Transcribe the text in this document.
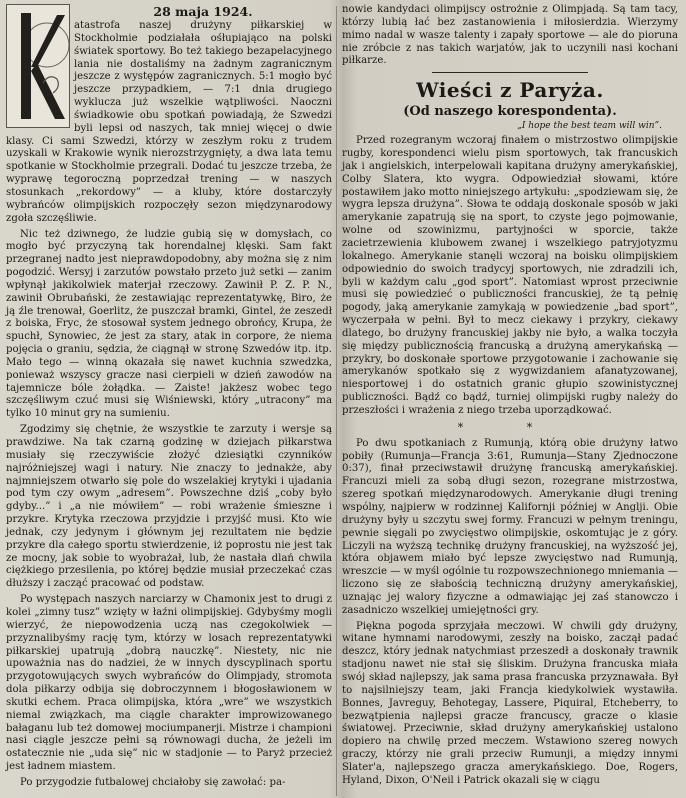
28 maja 1924.

atastrofa naszej drużyny piłkarskiej w Stockholmie podziałała ośłupiająco na polski światek sportowy. Bo też takiego bezapelacyjnego lania nie dostaliśmy na żadnym zagranicznym jeszcze z występów zagranicznych. 5:1 mogło być jeszcze przypadkiem, — 7:1 dnia drugiego wyklucza już wszelkie wątpliwości. Naoczni świadkowie obu spotkań powiadają, że Szwedzi byli lepsi od naszych, tak mniej więcej o dwie klasy. Ci sami Szwedzi, którzy w zeszłym roku z trudem uzyskali w Krakowie wynik nierozstrzygnięty, a dwa lata temu spotkanie w Stockholmie przegrali. Dodać tu jeszcze trzeba, że wyprawę tegoroczną poprzedzał trening — w naszych stosunkach „rekordowy” — a kluby, które dostarczyły wybrańców olimpijskich rozpoczęły sezon międzynarodowy zgoła szczęśliwie.

Nic też dziwnego, że ludzie gubią się w domysłach, co mogło być przyczyną tak horendalnej klęski. Sam fakt przegranej nadto jest nieprawdopodobny, aby można się z nim pogodzić. Wersyj i zarzutów powstało przeto już setki — zanim wpłynął jakikolwiek materjał rzeczowy. Zawinił P. Z. P. N., zawinił Obrubański, że zestawiając reprezentatywkę, Biro, że ją źle trenował, Goerlitz, że puszczał bramki, Gintel, że zeszedł z boiska, Fryc, że stosował system jednego obrońcy, Krupa, że spuchł, Synowiec, że jest za stary, atak in corpore, że niema pojęcia o graniu, sędzia, że ciągnął w stronę Szwedów itp. itp. Mało tego — winną okazała się nawet kuchnia szwedzka, ponieważ wszyscy gracze nasi cierpieli w dzień zawodów na tajemnicze bóle żołądka. — Zaiste! jakżesz wobec tego szczęśliwym czuć musi się Wiśniewski, który „utracony” ma tylko 10 minut gry na sumieniu.

Zgodzimy się chętnie, że wszystkie te zarzuty i wersje są prawdziwe. Na tak czarną godzinę w dziejach piłkarstwa musiały się rzeczywiście złożyć dziesiątki czynników najróżniejszej wagi i natury. Nie znaczy to jednakże, aby najmniejszem otwarło się pole do wszelakiej krytyki i ujadania pod tym czy owym „adresem”. Powszechne dziś „coby było gdyby...” i „a nie mówiłem” — robi wrażenie śmieszne i przykre. Krytyka rzeczowa przyjdzie i przyjść musi. Kto wie jednak, czy jedynym i głównym jej rezultatem nie będzie przykre dla całego sportu stwierdzenie, iż poprostu nie jest tak ze mocny, jak sobie to wyobrażał, lub, że nastała dlań chwila ciężkiego przesilenia, po której będzie musiał przeczekać czas dłuższy i zacząć pracować od podstaw.

Po występach naszych narciarzy w Chamonix jest to drugi z kolei „zimny tusz” wzięty w łaźni olimpijskiej. Gdybyśmy mogli wierzyć, że niepowodzenia uczą nas czegokolwiek — przyznalibyśmy rację tym, którzy w losach reprezentatywki piłkarskiej upatrują „dobrą nauczkę”. Niestety, nic nie upoważnia nas do nadziei, że w innych dyscyplinach sportu przygotowujących swych wybrańców do Olimpjady, stromota dola piłkarzy odbija się dobroczynnem i błogosławionem w skutki echem. Praca olimpijska, która „wre” we wszystkich niemal związkach, ma ciągle charakter improwizowanego bałaganu lub też domowej mociumpanerji. Mistrze i championi nasi ciągle jeszcze pełni są równowagi ducha, że jeżeli im ostatecznie nie „uda się” nic w stadjonie — to Paryż przecież jest ładnem miastem.

Po przygodzie futbalowej chciałoby się zawołać: pa-

nowie kandydaci olimpijscy ostrożnie z Olimpjadą. Są tam tacy, którzy lubią łać bez zastanowienia i miłosierdzia. Wierzymy mimo nadal w wasze talenty i zapały sportowe — ale do pioruna nie zróbcie z nas takich warjatów, jak to uczynili nasi kochani piłkarze.

Wieści z Paryża.
(Od naszego korespondenta).
„I hope the best team will win”.

Przed rozegranym wczoraj finałem o mistrzostwo olimpijskie rugby, korespondenci wielu pism sportowych, tak francuskich jak i angielskich, interpelowali kapitana drużyny amerykańskiej, Colby Slatera, kto wygra. Odpowiedział słowami, które postawiłem jako motto niniejszego artykułu: „spodziewam się, że wygra lepsza drużyna”. Słowa te oddają doskonale sposób w jaki amerykanie zapatrują się na sport, to czyste jego pojmowanie, wolne od szowinizmu, partyjności w sporcie, także zacietrzewienia klubowem zwanej i wszelkiego patryjotyzmu lokalnego. Amerykanie stanęli wczoraj na boisku olimpijskiem odpowiednio do swoich tradycyj sportowych, nie zdradzili ich, byli w każdym calu „god sport”. Natomiast wprost przeciwnie musi się powiedzieć o publiczności francuskiej, że tą pełnię pogody, jaką amerykanie zamykają w powiedzenie „bad sport”, wyczerpała w pełni. Był to mecz ciekawy i przykry, ciekawy dlatego, bo drużyny francuskiej jakby nie było, a walka toczyła się między publicznością francuską a drużyną amerykańską — przykry, bo doskonałe sportowe przygotowanie i zachowanie się amerykanów spotkało się z wygwizdaniem afanatyzowanej, niesportowej i do ostatnich granic głupio szowinistycznej publiczności. Bądź co bądź, turniej olimpijski rugby należy do przeszłości i wrażenia z niego trzeba uporządkować.

* *

Po dwu spotkaniach z Rumunją, którą obie drużyny łatwo pobiły (Rumunja—Francja 3:61, Rumunja—Stany Zjednoczone 0:37), finał przeciwstawił drużynę francuską amerykańskiej. Francuzi mieli za sobą długi sezon, rozegrane mistrzostwa, szereg spotkań międzynarodowych. Amerykanie długi trening wspólny, najpierw w rodzinnej Kalifornji później w Anglji. Obie drużyny były u szczytu swej formy. Francuzi w pełnym treningu, pewnie sięgali po zwycięstwo olimpijskie, oskomtując je z góry. Liczyli na wyższą technikę drużyny francuskiej, na wyższość jej, która objawem miało być lepsze zwycięstwo nad Rumunją, wreszcie — w myśl ogólnie tu rozpowszechnionego mniemania — liczono się ze słabością techniczną drużyny amerykańskiej, uznając jej walory fizyczne a odmawiając jej zaś stanowczo i zasadniczo wszelkiej umiejętności gry.

Piękna pogoda sprzyjała meczowi. W chwili gdy drużyny, witane hymnami narodowymi, zeszły na boisko, zaczął padać deszcz, który jednak natychmiast przeszedł a doskonały trawnik stadjonu nawet nie stał się śliskim. Drużyna francuska miała swój skład najlepszy, jak sama prasa francuska przyznawała. Był to najsilniejszy team, jaki Francja kiedykolwiek wystawiła. Bonnes, Javreguy, Behotegay, Lassere, Piquiral, Etcheberry, to bezwątpienia najlepsi gracze francuscy, gracze o klasie światowej. Przeciwnie, skład drużyny amerykańskiej ustalono dopiero na chwilę przed meczem. Wstawiono szereg nowych graczy, którzy nie grali przeciw Rumunji, a między innymi Slater'a, najlepszego gracza amerykańskiego. Doe, Rogers, Hyland, Dixon, O'Neil i Patrick okazali się w ciągu
